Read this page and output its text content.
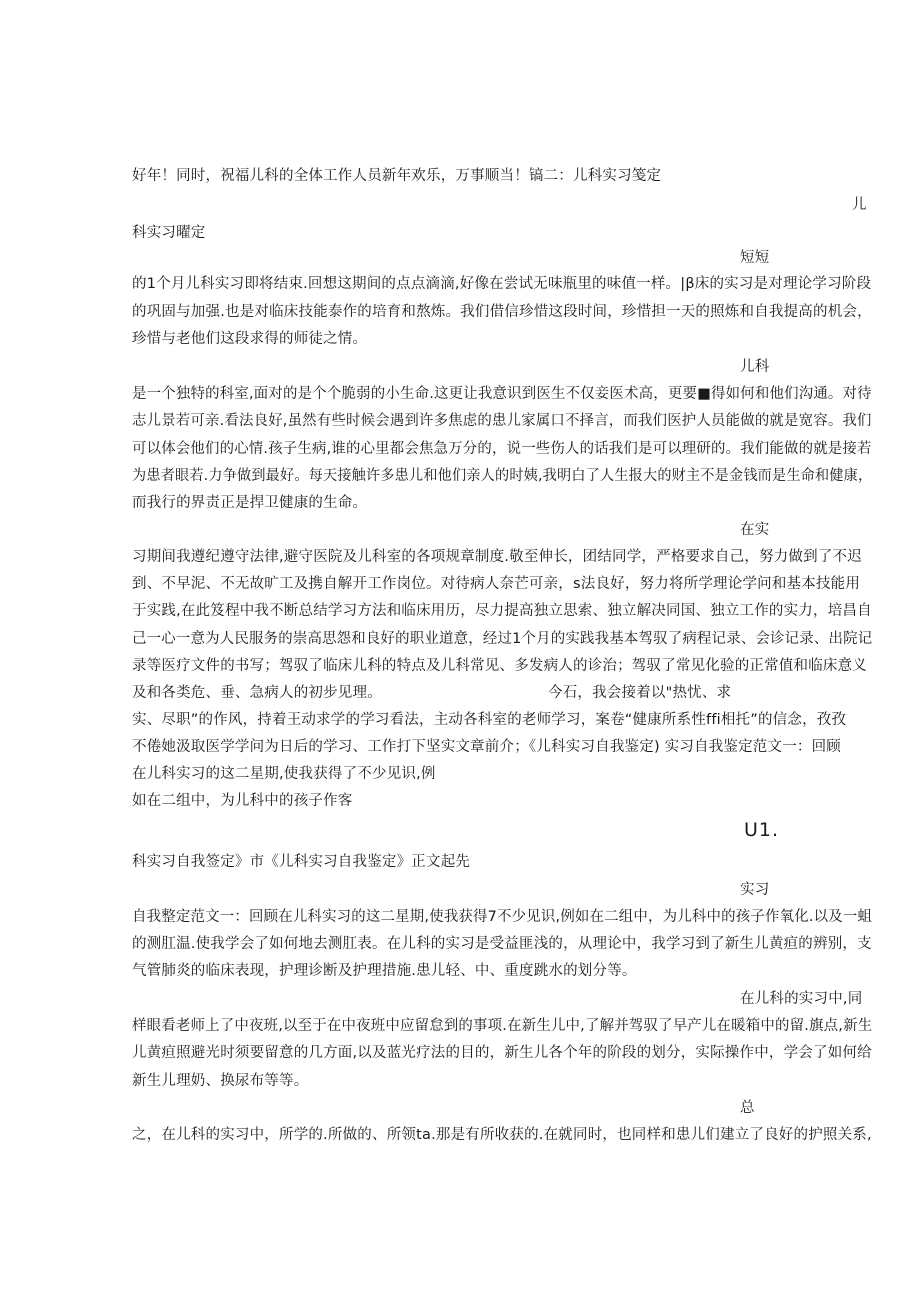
好年！同时，祝福儿科的全体工作人员新年欢乐，万事顺当！镐二：儿科实习笺定
儿
科实习曜定
短短
的1个月儿科实习即将结束.回想这期间的点点滴滴,好像在尝试无味瓶里的味值一样。|β床的实习是对理论学习阶段
的巩固与加强.也是对临床技能泰作的培育和熬炼。我们借信珍惜这段时间，珍惜担一天的照炼和自我提高的机会，
珍惜与老他们这段求得的师徒之情。
儿科
是一个独特的科室,面对的是个个脆弱的小生命.这更让我意识到医生不仅妾医术高，更要■得如何和他们沟通。对待
志儿景若可亲.看法良好,虽然有些时候会遇到许多焦虑的患儿家属口不择言，而我们医护人员能做的就是宽容。我们
可以体会他们的心情.孩子生病,谁的心里都会焦急万分的，说一些伤人的话我们是可以理研的。我们能做的就是接若
为患者眼若.力争做到最好。每天接触许多患儿和他们亲人的时姨,我明白了人生报大的财主不是金钱而是生命和健康，
而我行的界责正是捍卫健康的生命。
在实
习期间我遵纪遵守法律,避守医院及儿科室的各项规章制度.敬至伸长，团结同学，严格要求自己，努力做到了不迟
到、不早泥、不无故旷工及携自解开工作岗位。对待病人奈芒可亲，s法良好，努力将所学理论学问和基本技能用
于实践,在此笈程中我不断总结学习方法和临床用历，尽力提高独立思索、独立解决同国、独立工作的实力，培昌自
己一心一意为人民服务的崇高思怨和良好的职业道意，经过1个月的实践我基本驾驭了病程记录、会诊记录、出院记
录等医疗文件的书写；驾驭了临床儿科的特点及儿科常见、多发病人的诊治；驾驭了常见化验的正常值和临床意义
及和各类危、垂、急病人的初步见理。	今石，我会接着以"热忧、求
实、尽职”的作风，持着王动求学的学习看法，主动各科室的老师学习，案卷“健康所系性ffi相托”的信念，孜孜
不倦她汲取医学学问为日后的学习、工作打下坚实文章前介；《儿科实习自我鉴定) 实习自我鉴定范文一：回顾
在儿科实习的这二星期,使我获得了不少见识,例
如在二组中，为儿科中的孩子作客
U1.
科实习自我签定》市《儿科实习自我鉴定》正文起先
实习
自我整定范文一：回顾在儿科实习的这二星期,使我获得7不少见识,例如在二组中，为儿科中的孩子作氧化.以及一蛆
的测肛温.使我学会了如何地去测肛表。在儿科的实习是受益匪浅的，从理论中，我学习到了新生儿黄疸的辨别，支
气管肺炎的临床表现，护理诊断及护理措施.患儿轻、中、重度跳水的划分等。
在儿科的实习中,同
样眼看老师上了中夜班,以至于在中夜班中应留怠到的事项.在新生儿中,了解并驾驭了早产儿在暖箱中的留.旗点,新生
儿黄疸照避光时须要留意的几方面,以及蓝光疗法的目的，新生儿各个年的阶段的划分，实际操作中，学会了如何给
新生儿理奶、换尿布等等。
总
之，在儿科的实习中，所学的.所做的、所领ta.那是有所收获的.在就同时，也同样和患儿们建立了良好的护照关系,
